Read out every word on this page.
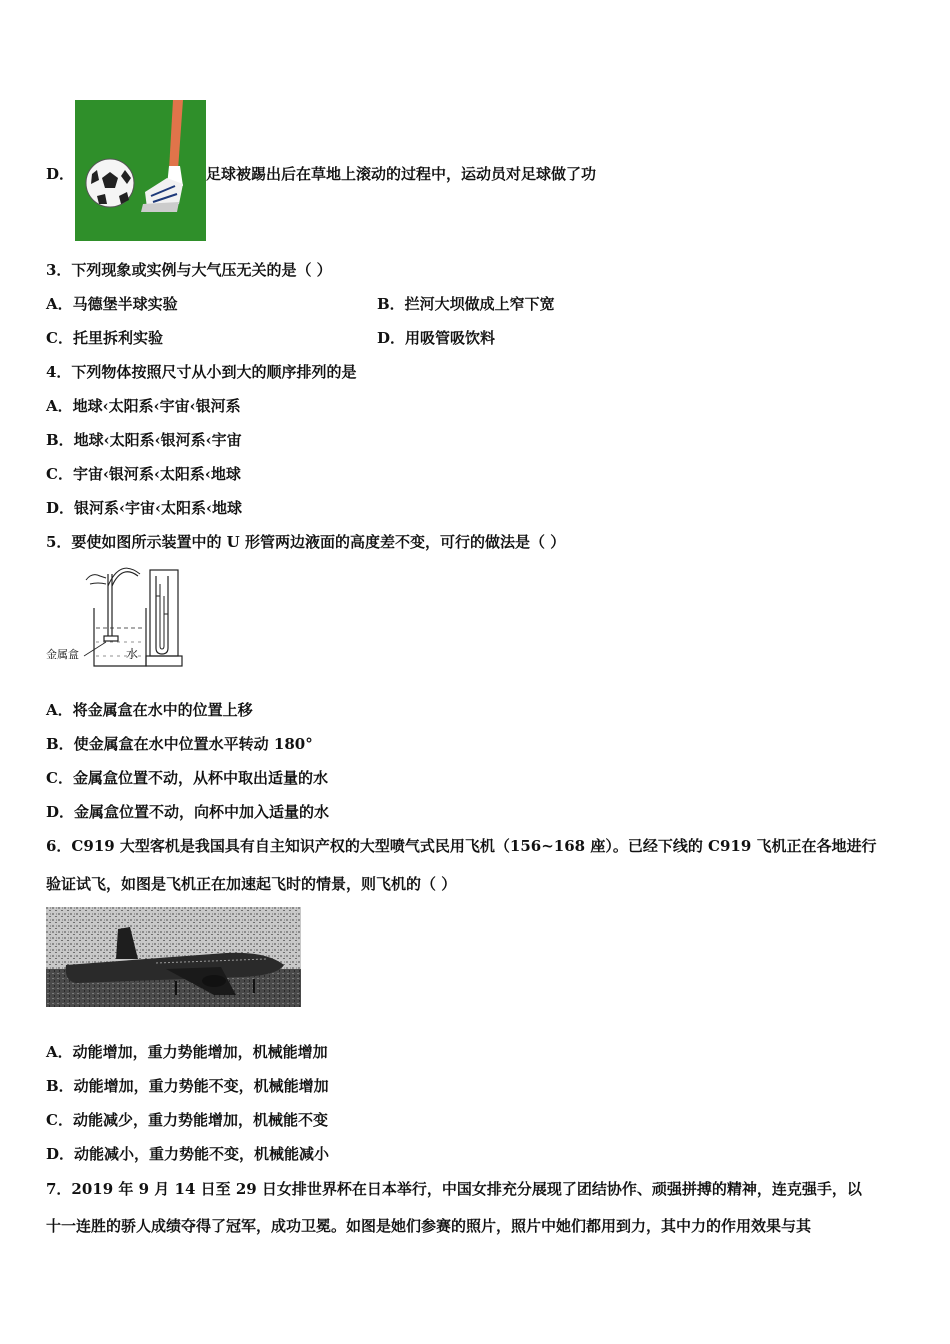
D．	足球被踢出后在草地上滚动的过程中，运动员对足球做了功
3．下列现象或实例与大气压无关的是（ ）
A．马德堡半球实验	B．拦河大坝做成上窄下宽
C．托里拆利实验	D．用吸管吸饮料
4．下列物体按照尺寸从小到大的顺序排列的是
A．地球‹太阳系‹宇宙‹银河系
B．地球‹太阳系‹银河系‹宇宙
C．宇宙‹银河系‹太阳系‹地球
D．银河系‹宇宙‹太阳系‹地球
5．要使如图所示装置中的 U 形管两边液面的高度差不变，可行的做法是（ ）
金属盒	水
A．将金属盒在水中的位置上移
B．使金属盒在水中位置水平转动 180°
C．金属盒位置不动，从杯中取出适量的水
D．金属盒位置不动，向杯中加入适量的水
6．C919 大型客机是我国具有自主知识产权的大型喷气式民用飞机（156~168 座）。已经下线的 C919 飞机正在各地进行
验证试飞，如图是飞机正在加速起飞时的情景，则飞机的（ ）
A．动能增加，重力势能增加，机械能增加
B．动能增加，重力势能不变，机械能增加
C．动能减少，重力势能增加，机械能不变
D．动能减小，重力势能不变，机械能减小
7．2019 年 9 月 14 日至 29 日女排世界杯在日本举行，中国女排充分展现了团结协作、顽强拼搏的精神，连克强手，以
十一连胜的骄人成绩夺得了冠军，成功卫冕。如图是她们参赛的照片，照片中她们都用到力，其中力的作用效果与其
